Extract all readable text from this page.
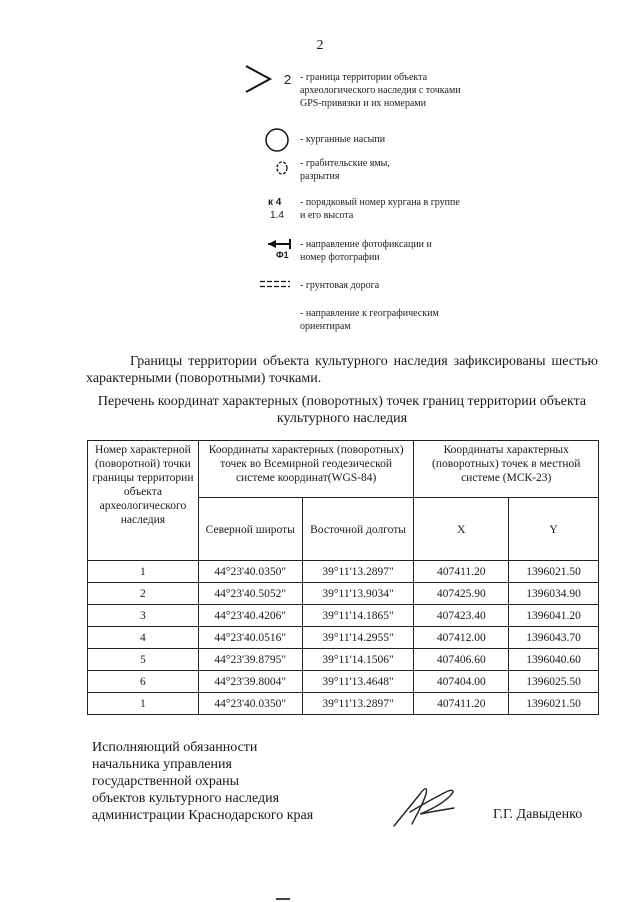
2
2 - граница территории объекта археологического наследия с точками GPS-привязки и их номерами
- курганные насыпи
- грабительские ямы, разрытия
к 4
1.4
- порядковый номер кургана в группе и его высота
Ф1
- направление фотофиксации и номер фотографии
- грунтовая дорога
- направление к географическим ориентирам
Границы территории объекта культурного наследия зафиксированы шестью характерными (поворотными) точками.
Перечень координат характерных (поворотных) точек границ территории объекта культурного наследия
Номер характерной (поворотной) точки границы территории объекта археологического наследия	Координаты характерных (поворотных) точек во Всемирной геодезической системе координат(WGS-84)		Координаты характерных (поворотных) точек в местной системе (МСК-23)	
	Северной широты	Восточной долготы	X	Y
1	44°23'40.0350"	39°11'13.2897"	407411.20	1396021.50
2	44°23'40.5052"	39°11'13.9034"	407425.90	1396034.90
3	44°23'40.4206"	39°11'14.1865"	407423.40	1396041.20
4	44°23'40.0516"	39°11'14.2955"	407412.00	1396043.70
5	44°23'39.8795"	39°11'14.1506"	407406.60	1396040.60
6	44°23'39.8004"	39°11'13.4648"	407404.00	1396025.50
1	44°23'40.0350"	39°11'13.2897"	407411.20	1396021.50
Исполняющий обязанности
начальника управления
государственной охраны
объектов культурного наследия
администрации Краснодарского края	Г.Г. Давыденко
